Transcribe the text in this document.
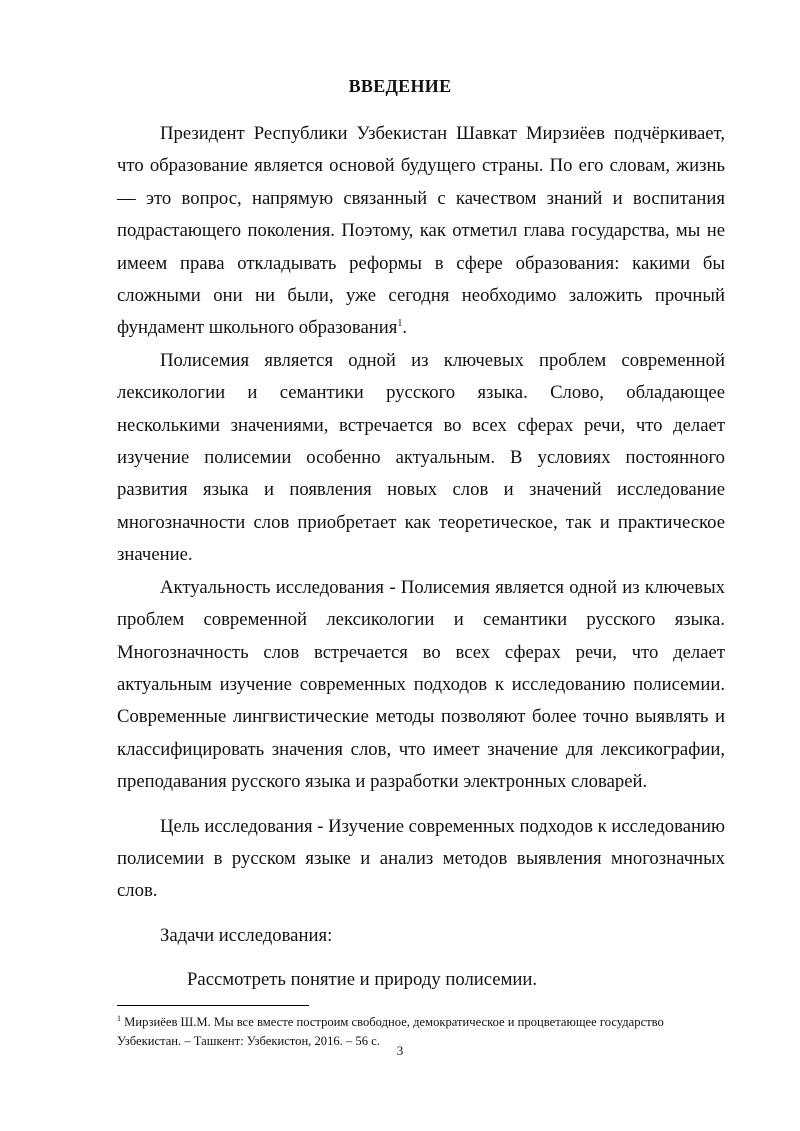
ВВЕДЕНИЕ

Президент Республики Узбекистан Шавкат Мирзиёев подчёркивает, что образование является основой будущего страны. По его словам, жизнь — это вопрос, напрямую связанный с качеством знаний и воспитания подрастающего поколения. Поэтому, как отметил глава государства, мы не имеем права откладывать реформы в сфере образования: какими бы сложными они ни были, уже сегодня необходимо заложить прочный фундамент школьного образования$^1$.

Полисемия является одной из ключевых проблем современной лексикологии и семантики русского языка. Слово, обладающее несколькими значениями, встречается во всех сферах речи, что делает изучение полисемии особенно актуальным. В условиях постоянного развития языка и появления новых слов и значений исследование многозначности слов приобретает как теоретическое, так и практическое значение.

Актуальность исследования - Полисемия является одной из ключевых проблем современной лексикологии и семантики русского языка. Многозначность слов встречается во всех сферах речи, что делает актуальным изучение современных подходов к исследованию полисемии. Современные лингвистические методы позволяют более точно выявлять и классифицировать значения слов, что имеет значение для лексикографии, преподавания русского языка и разработки электронных словарей.

Цель исследования - Изучение современных подходов к исследованию полисемии в русском языке и анализ методов выявления многозначных слов.

Задачи исследования:

Рассмотреть понятие и природу полисемии.

$^1$ Мирзиёев Ш.М. Мы все вместе построим свободное, демократическое и процветающее государство Узбекистан. – Ташкент: Узбекистон, 2016. – 56 с.
3
